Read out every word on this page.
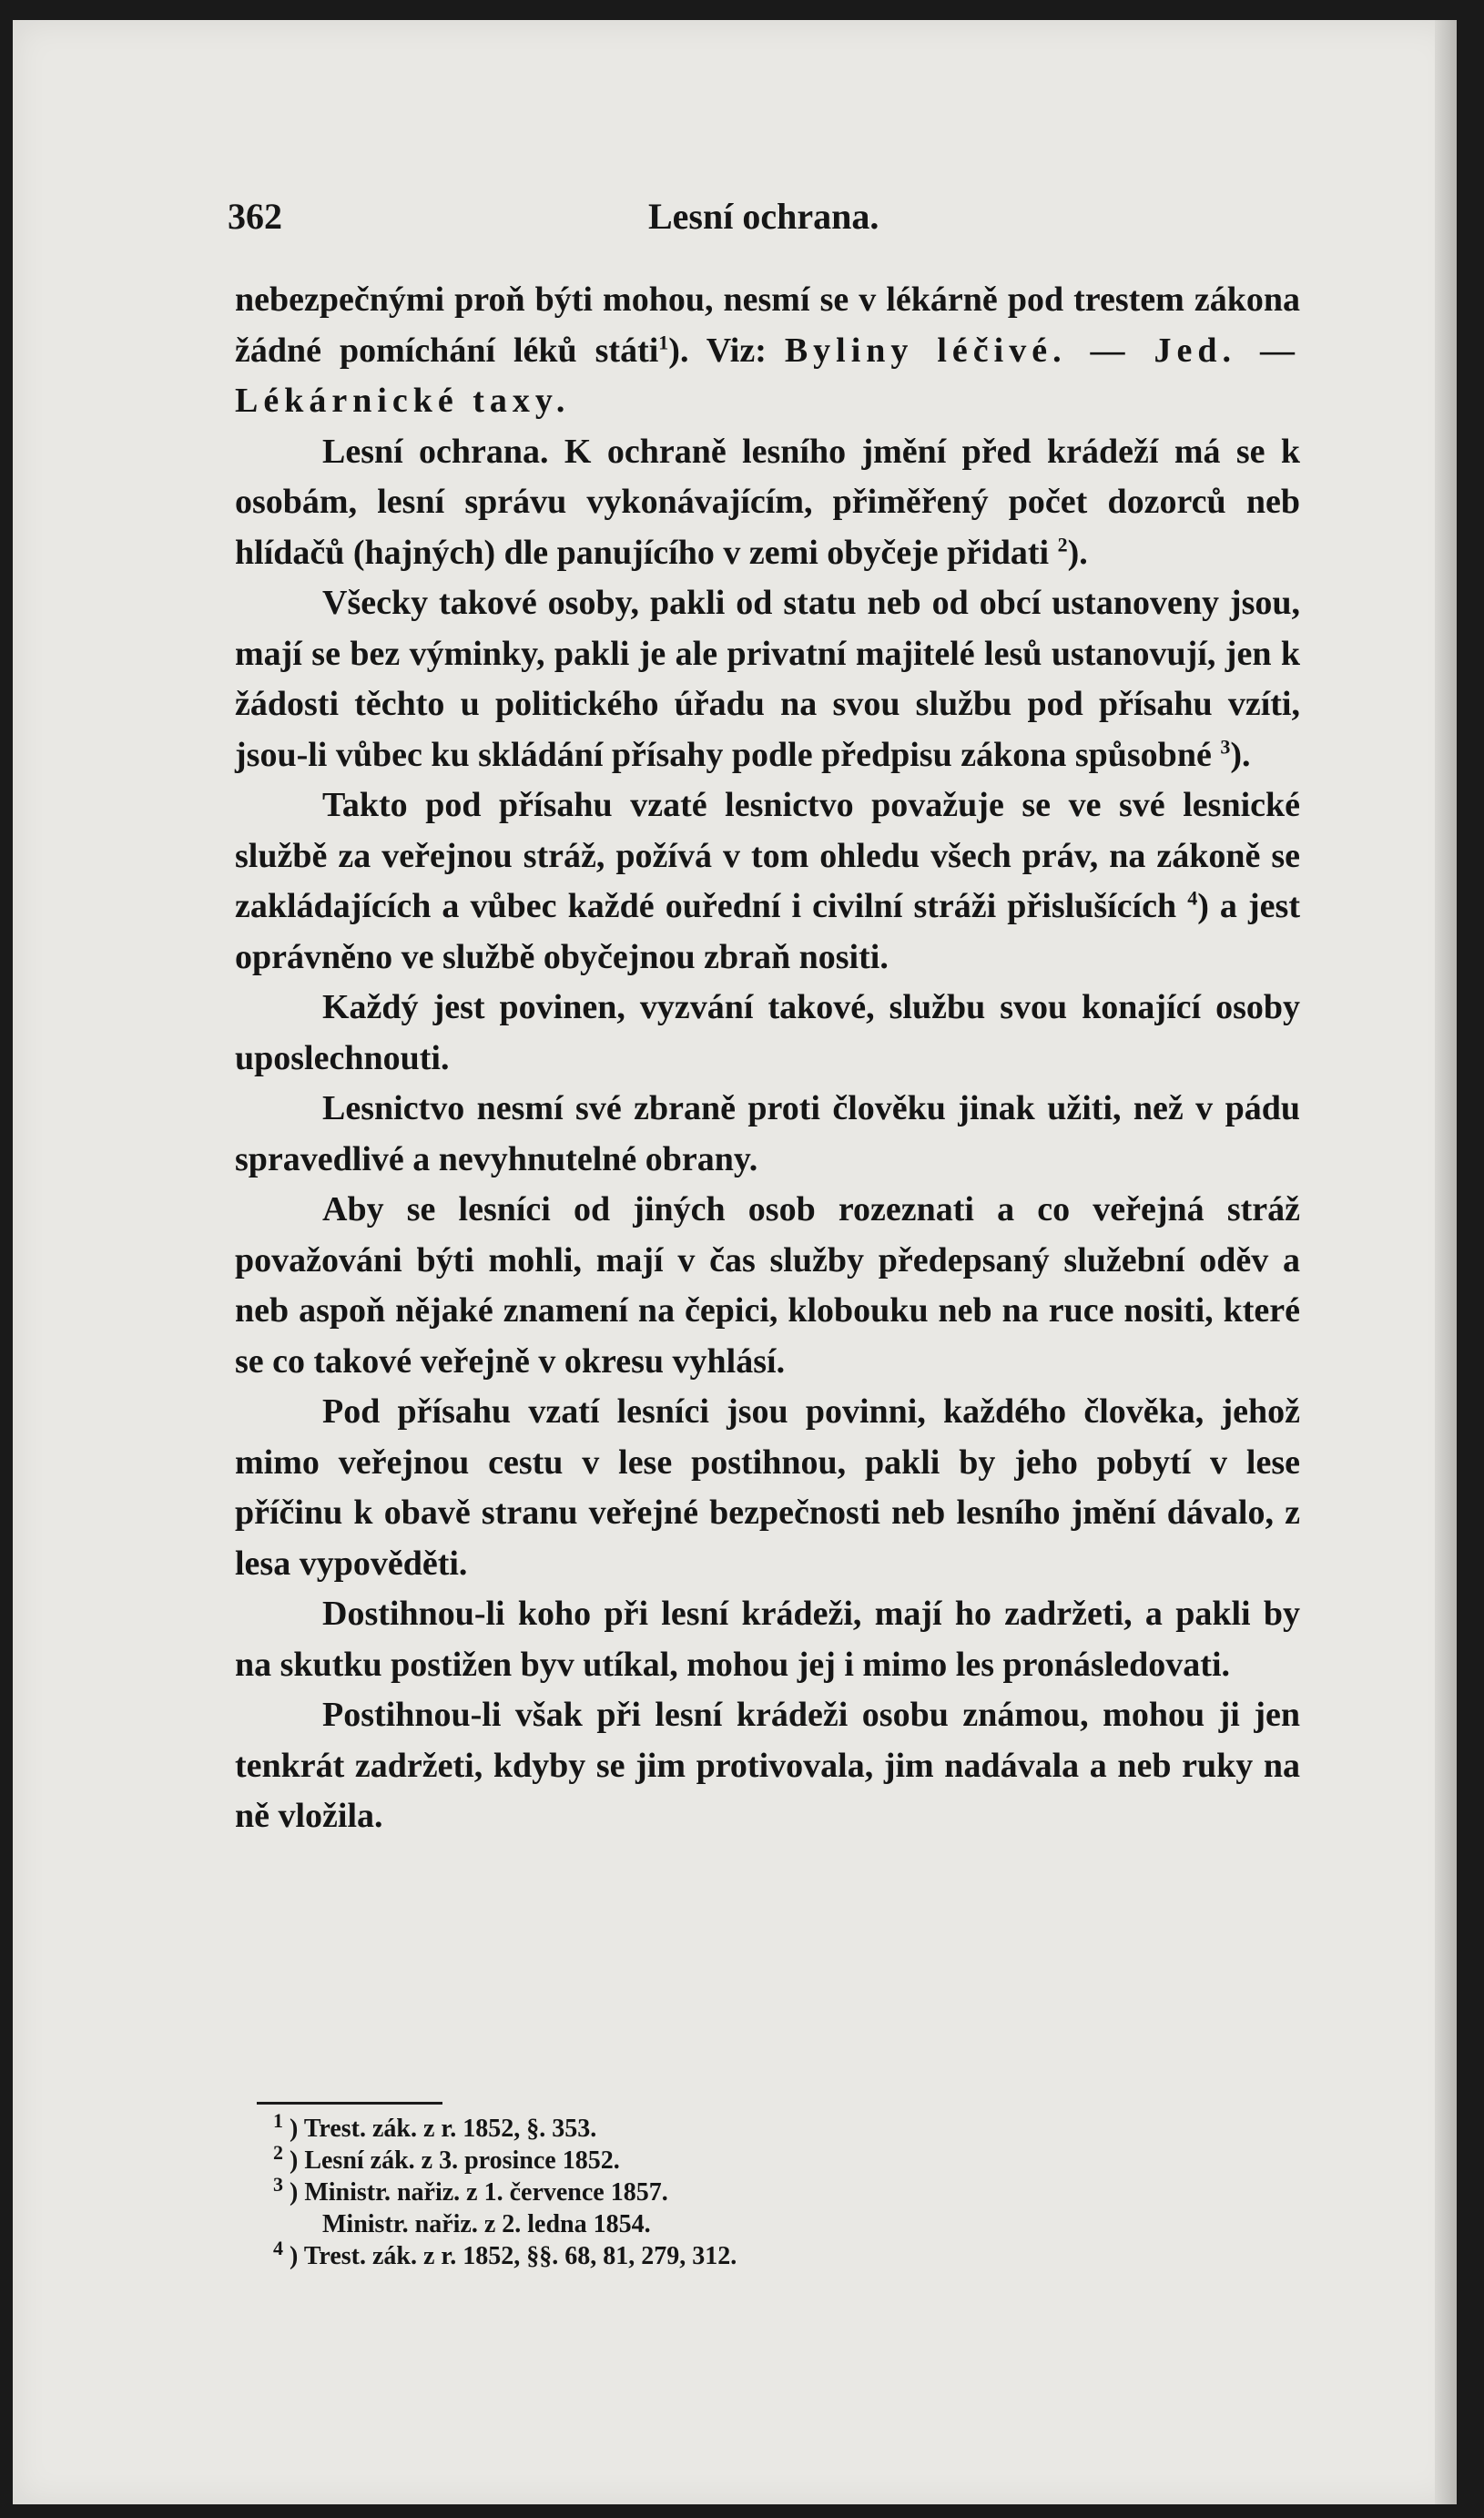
362	Lesní ochrana.

nebezpečnými proň býti mohou, nesmí se v lékárně pod trestem zákona žádné pomíchání léků státi$^1$). Viz: Byliny léčivé. — Jed. — Lékárnické taxy.

Lesní ochrana. K ochraně lesního jmění před krádeží má se k osobám, lesní správu vykonávajícím, přiměřený počet dozorců neb hlídačů (hajných) dle panujícího v zemi obyčeje přidati $^2$).

Všecky takové osoby, pakli od statu neb od obcí ustanoveny jsou, mají se bez výminky, pakli je ale privatní majitelé lesů ustanovují, jen k žádosti těchto u politického úřadu na svou službu pod přísahu vzíti, jsou-li vůbec ku skládání přísahy podle předpisu zákona spůsobné $^3$).

Takto pod přísahu vzaté lesnictvo považuje se ve své lesnické službě za veřejnou stráž, požívá v tom ohledu všech práv, na zákoně se zakládajících a vůbec každé ouřední i civilní stráži přislušících $^4$) a jest oprávněno ve službě obyčejnou zbraň nositi.

Každý jest povinen, vyzvání takové, službu svou konající osoby uposlechnouti.

Lesnictvo nesmí své zbraně proti člověku jinak užiti, než v pádu spravedlivé a nevyhnutelné obrany.

Aby se lesníci od jiných osob rozeznati a co veřejná stráž považováni býti mohli, mají v čas služby předepsaný služební oděv a neb aspoň nějaké znamení na čepici, klobouku neb na ruce nositi, které se co takové veřejně v okresu vyhlásí.

Pod přísahu vzatí lesníci jsou povinni, každého člověka, jehož mimo veřejnou cestu v lese postihnou, pakli by jeho pobytí v lese příčinu k obavě stranu veřejné bezpečnosti neb lesního jmění dávalo, z lesa vypověděti.

Dostihnou-li koho při lesní krádeži, mají ho zadržeti, a pakli by na skutku postižen byv utíkal, mohou jej i mimo les pronásledovati.

Postihnou-li však při lesní krádeži osobu známou, mohou ji jen tenkrát zadržeti, kdyby se jim protivovala, jim nadávala a neb ruky na ně vložila.

$^1$ ) Trest. zák. z r. 1852, §. 353.
$^2$ ) Lesní zák. z 3. prosince 1852.
$^3$ ) Ministr. nařiz. z 1. července 1857.
Ministr. nařiz. z 2. ledna 1854.
$^4$ ) Trest. zák. z r. 1852, §§. 68, 81, 279, 312.
